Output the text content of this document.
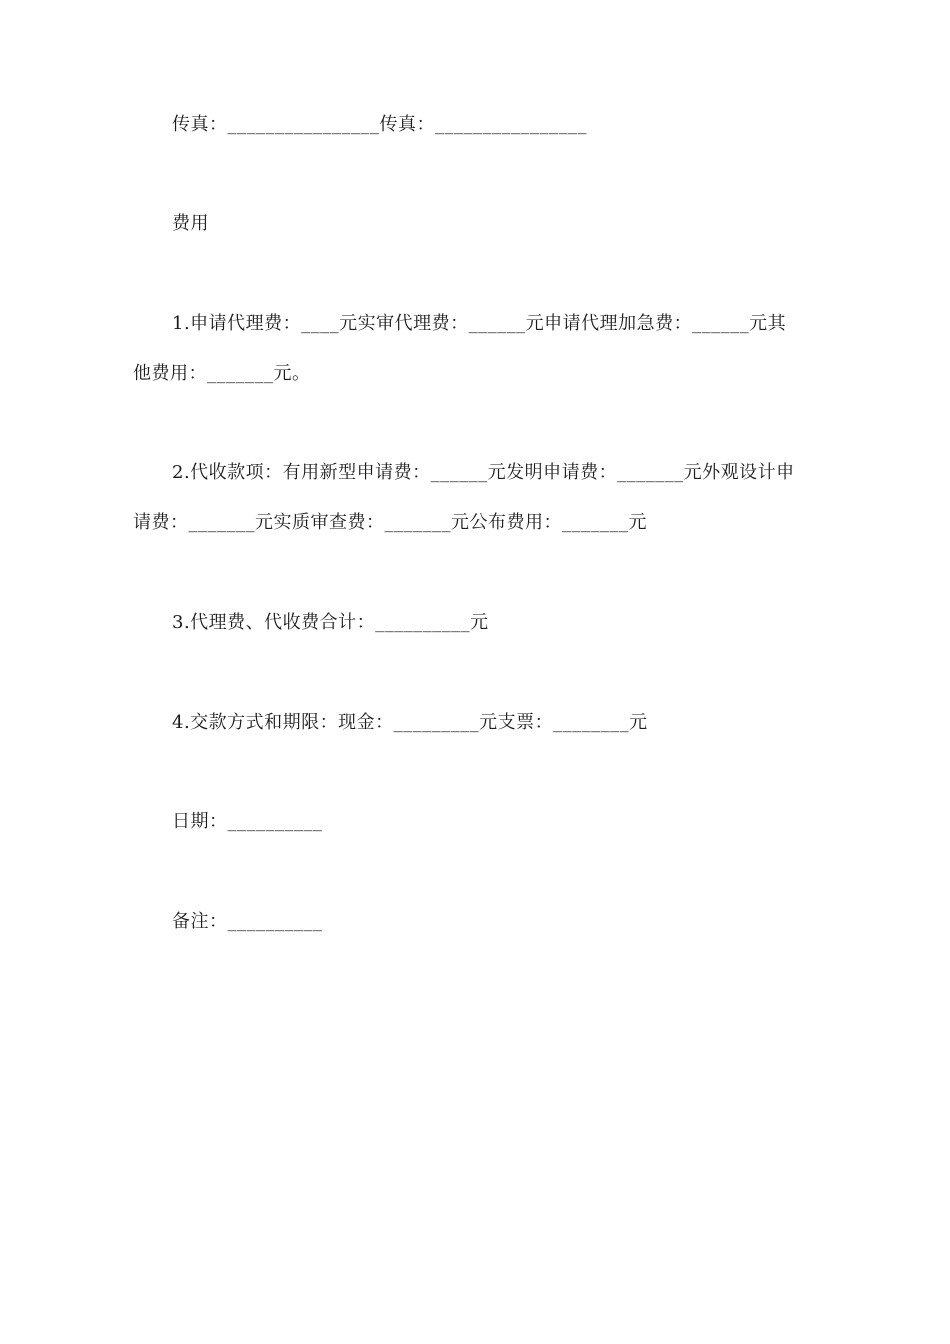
传真：________________传真：________________
费用
1.申请代理费：____元实审代理费：______元申请代理加急费：______元其
他费用：_______元。
2.代收款项：有用新型申请费：______元发明申请费：_______元外观设计申
请费：_______元实质审查费：_______元公布费用：_______元
3.代理费、代收费合计：__________元
4.交款方式和期限：现金：_________元支票：________元
日期：__________
备注：__________
